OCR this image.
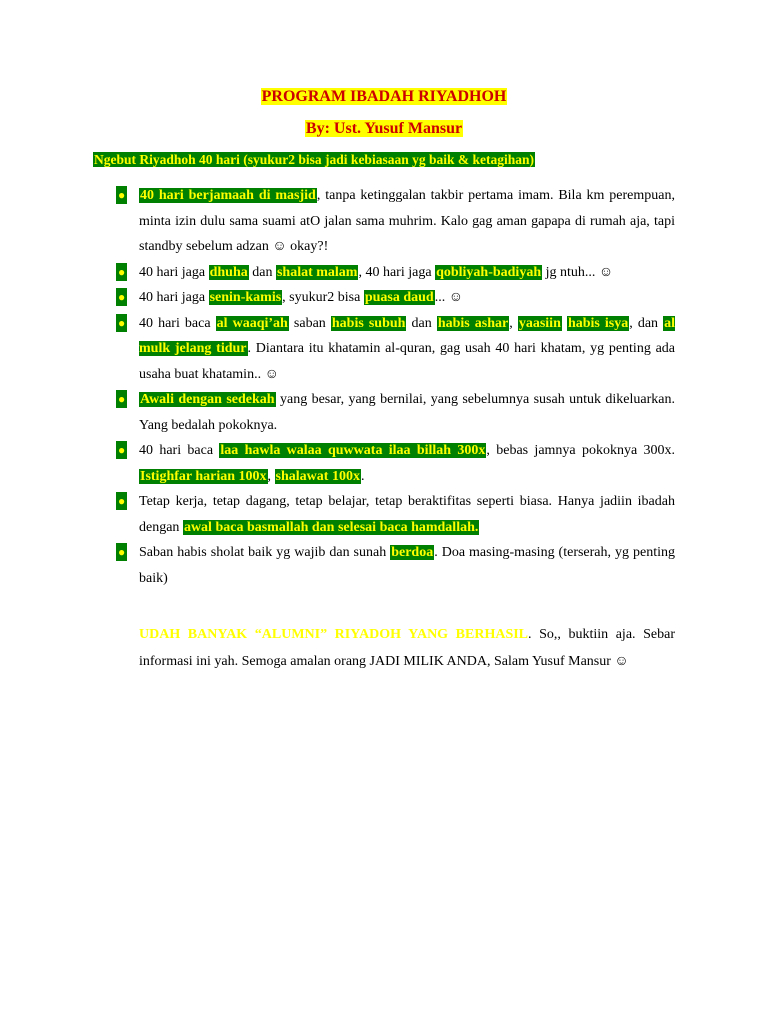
PROGRAM IBADAH RIYADHOH
By: Ust. Yusuf Mansur
Ngebut Riyadhoh 40 hari (syukur2 bisa jadi kebiasaan yg baik & ketagihan)
● 40 hari berjamaah di masjid, tanpa ketinggalan takbir pertama imam. Bila km perempuan, minta izin dulu sama suami atO jalan sama muhrim. Kalo gag aman gapapa di rumah aja, tapi standby sebelum adzan ☺ okay?!
● 40 hari jaga dhuha dan shalat malam, 40 hari jaga qobliyah-badiyah jg ntuh... ☺
● 40 hari jaga senin-kamis, syukur2 bisa puasa daud... ☺
● 40 hari baca al waaqi’ah saban habis subuh dan habis ashar, yaasiin habis isya, dan al mulk jelang tidur. Diantara itu khatamin al-quran, gag usah 40 hari khatam, yg penting ada usaha buat khatamin.. ☺
● Awali dengan sedekah yang besar, yang bernilai, yang sebelumnya susah untuk dikeluarkan. Yang bedalah pokoknya.
● 40 hari baca laa hawla walaa quwwata ilaa billah 300x, bebas jamnya pokoknya 300x. Istighfar harian 100x, shalawat 100x.
● Tetap kerja, tetap dagang, tetap belajar, tetap beraktifitas seperti biasa. Hanya jadiin ibadah dengan awal baca basmallah dan selesai baca hamdallah.
● Saban habis sholat baik yg wajib dan sunah berdoa. Doa masing-masing (terserah, yg penting baik)
UDAH BANYAK “ALUMNI” RIYADOH YANG BERHASIL. So,, buktiin aja. Sebar informasi ini yah. Semoga amalan orang JADI MILIK ANDA, Salam Yusuf Mansur ☺
